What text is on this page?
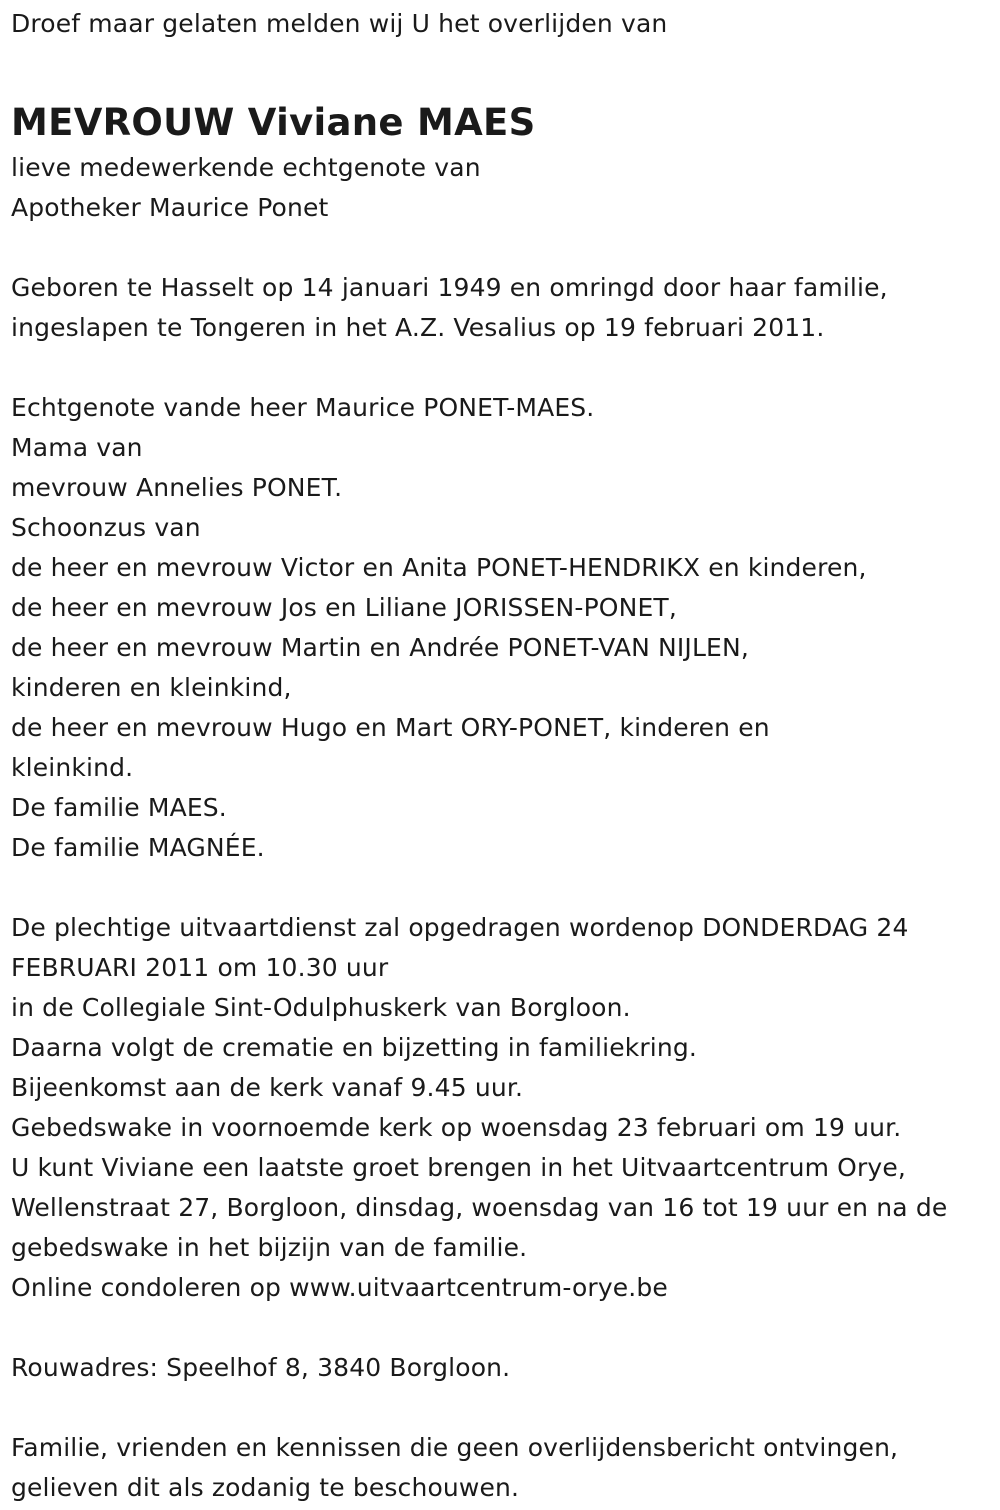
Droef maar gelaten melden wij U het overlijden van
MEVROUW Viviane MAES
lieve medewerkende echtgenote van
Apotheker Maurice Ponet
Geboren te Hasselt op 14 januari 1949 en omringd door haar familie,
ingeslapen te Tongeren in het A.Z. Vesalius op 19 februari 2011.
Echtgenote vande heer Maurice PONET-MAES.
Mama van
mevrouw Annelies PONET.
Schoonzus van
de heer en mevrouw Victor en Anita PONET-HENDRIKX en kinderen,
de heer en mevrouw Jos en Liliane JORISSEN-PONET,
de heer en mevrouw Martin en Andrée PONET-VAN NIJLEN,
kinderen en kleinkind,
de heer en mevrouw Hugo en Mart ORY-PONET, kinderen en
kleinkind.
De familie MAES.
De familie MAGNÉE.
De plechtige uitvaartdienst zal opgedragen wordenop DONDERDAG 24
FEBRUARI 2011 om 10.30 uur
in de Collegiale Sint-Odulphuskerk van Borgloon.
Daarna volgt de crematie en bijzetting in familiekring.
Bijeenkomst aan de kerk vanaf 9.45 uur.
Gebedswake in voornoemde kerk op woensdag 23 februari om 19 uur.
U kunt Viviane een laatste groet brengen in het Uitvaartcentrum Orye,
Wellenstraat 27, Borgloon, dinsdag, woensdag van 16 tot 19 uur en na de
gebedswake in het bijzijn van de familie.
Online condoleren op www.uitvaartcentrum-orye.be
Rouwadres: Speelhof 8, 3840 Borgloon.
Familie, vrienden en kennissen die geen overlijdensbericht ontvingen,
gelieven dit als zodanig te beschouwen.
